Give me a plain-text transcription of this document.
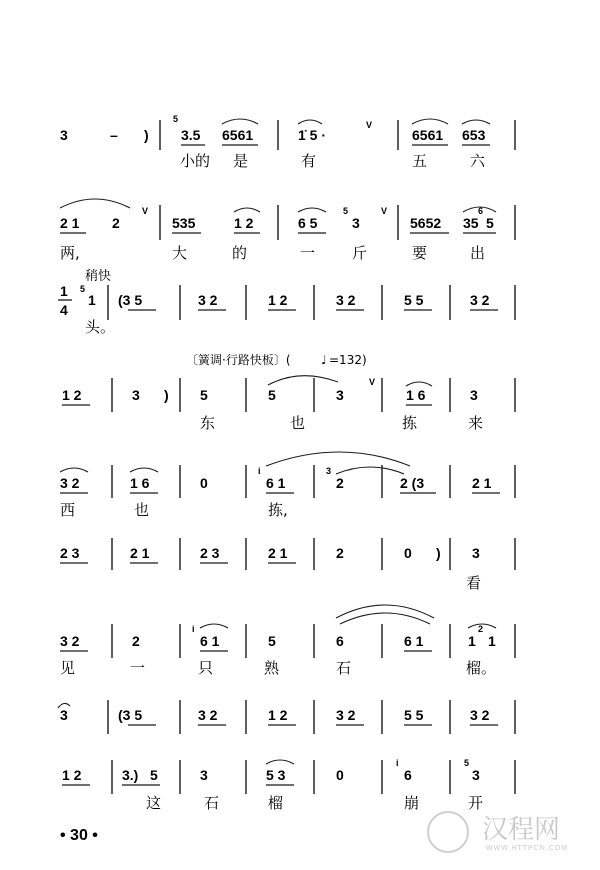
3	– )
5
3.5 6561	1̇ 5 ·
V
6561 653
小的 是	有	五	六
2 1 2
V
535	1 2	6 5
5
3
V
5652 35
6
5
两,	大	的	一 斤	要	出
稍快
1
4
5
1 (3 5	3 2	1 2	3 2	5 5	3 2
头。
〔簧调·行路快板〕(	♩ =132)
1 2	3 ) 5	5	3
V
1 6	3
东	也	拣	来
3 2	1 6	0
i
6 1
3
2	2 (3	2 1
西	也	拣,
2 3	2 1	2 3	2 1	2	0 ) 3
看
3 2	2
i
6 1	5	6	6 1	1
2
1
见	一	只	熟	石	榴。
3	(3 5	3 2	1 2	3 2	5 5	3 2
1 2	3.) 5	3	5 3	0
i
6
5
3
这	石	榴	崩	开
• 30 •	汉程网
WWW.HTTPCN.COM
